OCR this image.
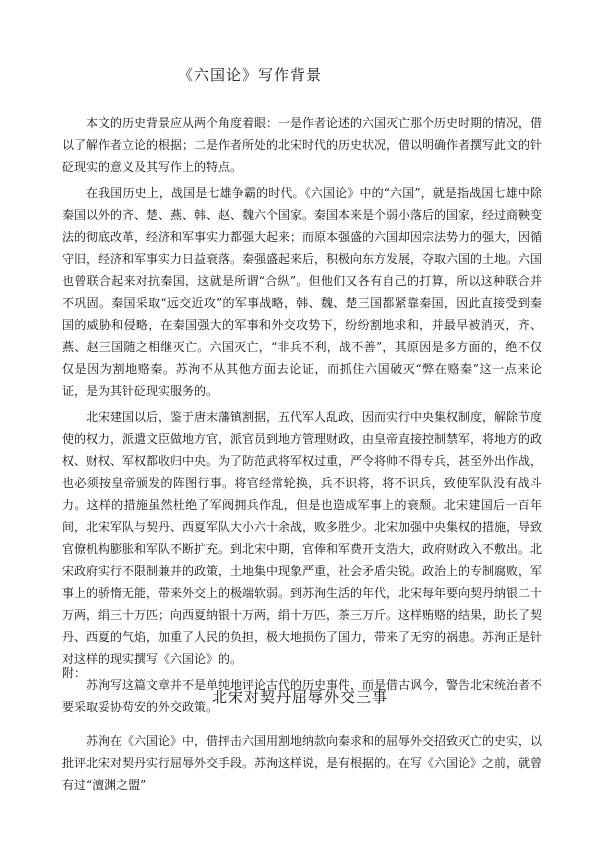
《六国论》写作背景

本文的历史背景应从两个角度着眼：一是作者论述的六国灭亡那个历史时期的情况，借以了解作者立论的根据；二是作者所处的北宋时代的历史状况，借以明确作者撰写此文的针砭现实的意义及其写作上的特点。

在我国历史上，战国是七雄争霸的时代。《六国论》中的“六国”，就是指战国七雄中除秦国以外的齐、楚、燕、韩、赵、魏六个国家。秦国本来是个弱小落后的国家，经过商鞅变法的彻底改革，经济和军事实力都强大起来；而原本强盛的六国却因宗法势力的强大，因循守旧，经济和军事实力日益衰落。秦强盛起来后，积极向东方发展，夺取六国的土地。六国也曾联合起来对抗秦国，这就是所谓“合纵”。但他们又各有自己的打算，所以这种联合并不巩固。秦国采取“远交近攻”的军事战略，韩、魏、楚三国都紧靠秦国，因此直接受到秦国的威胁和侵略，在秦国强大的军事和外交攻势下，纷纷割地求和，并最早被消灭，齐、燕、赵三国随之相继灭亡。六国灭亡，“非兵不利，战不善”，其原因是多方面的，绝不仅仅是因为割地赂秦。苏洵不从其他方面去论证，而抓住六国破灭“弊在赂秦”这一点来论证，是为其针砭现实服务的。

北宋建国以后，鉴于唐末藩镇割据，五代军人乱政，因而实行中央集权制度，解除节度使的权力，派遣文臣做地方官，派官员到地方管理财政，由皇帝直接控制禁军，将地方的政权、财权、军权都收归中央。为了防范武将军权过重，严令将帅不得专兵，甚至外出作战，也必须按皇帝颁发的阵图行事。将官经常轮换，兵不识将，将不识兵，致使军队没有战斗力。这样的措施虽然杜绝了军阀拥兵作乱，但是也造成军事上的衰颓。北宋建国后一百年间，北宋军队与契丹、西夏军队大小六十余战，败多胜少。北宋加强中央集权的措施，导致官僚机构膨胀和军队不断扩充。到北宋中期，官俸和军费开支浩大，政府财政入不敷出。北宋政府实行不限制兼并的政策，土地集中现象严重，社会矛盾尖锐。政治上的专制腐败，军事上的骄惰无能，带来外交上的极端软弱。到苏洵生活的年代，北宋每年要向契丹纳银二十万两，绢三十万匹；向西夏纳银十万两，绢十万匹，茶三万斤。这样贿赂的结果，助长了契丹、西夏的气焰，加重了人民的负担，极大地损伤了国力，带来了无穷的祸患。苏洵正是针对这样的现实撰写《六国论》的。

苏洵写这篇文章并不是单纯地评论古代的历史事件，而是借古讽今，警告北宋统治者不要采取妥协苟安的外交政策。

附：

北宋对契丹屈辱外交三事

苏洵在《六国论》中，借抨击六国用割地纳款向秦求和的屈辱外交招致灭亡的史实，以批评北宋对契丹实行屈辱外交手段。苏洵这样说，是有根据的。在写《六国论》之前，就曾有过“澶渊之盟”
